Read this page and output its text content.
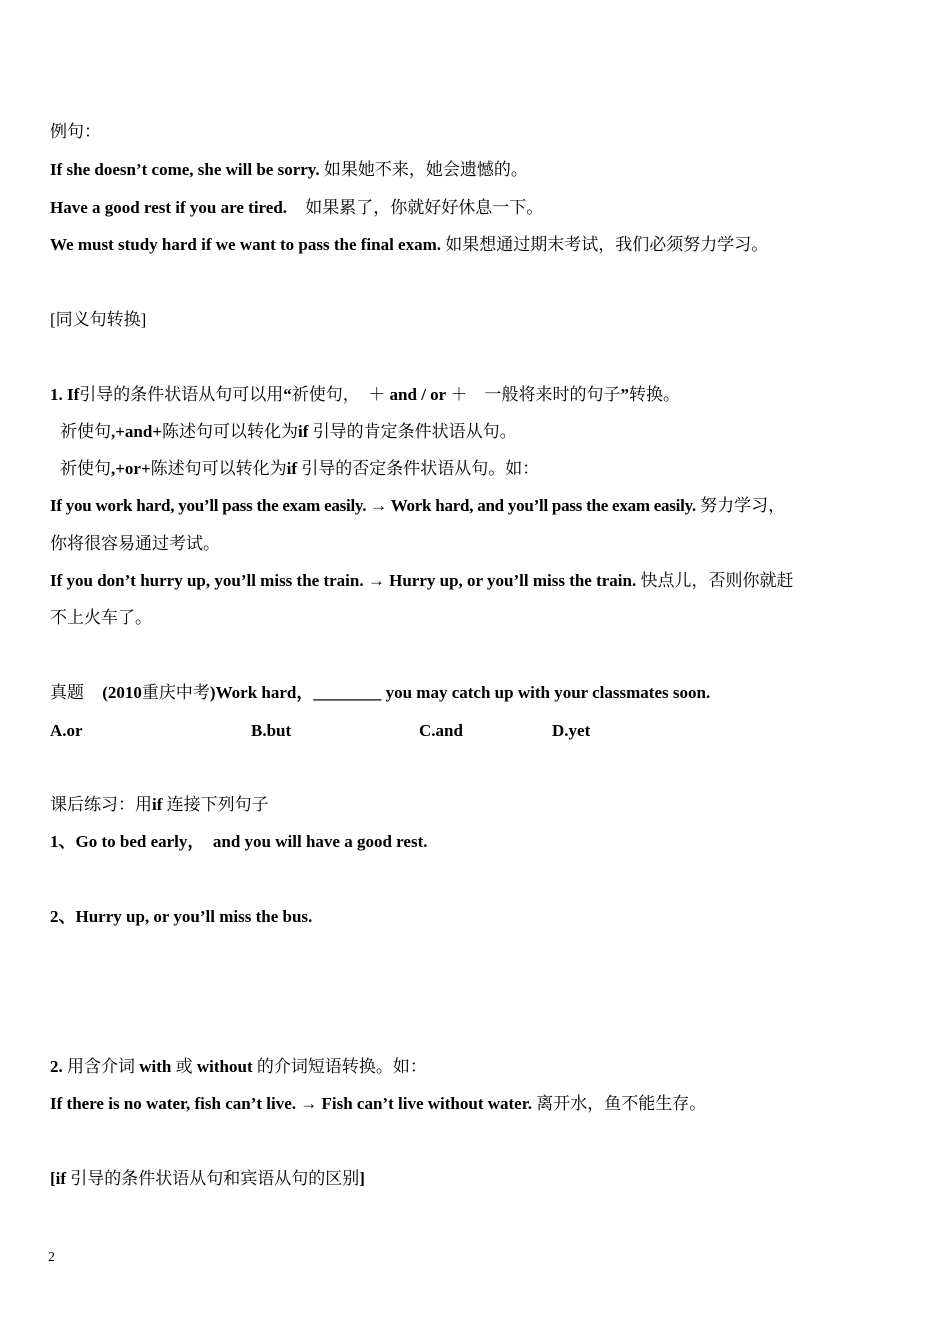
例句：
If she doesn’t come, she will be sorry. 如果她不来，她会遗憾的。
Have a good rest if you are tired. 如果累了，你就好好休息一下。
We must study hard if we want to pass the final exam. 如果想通过期末考试，我们必须努力学习。
[同义句转换]
1. If引导的条件状语从句可以用“祈使句，　＋ and / or ＋　一般将来时的句子”转换。
祈使句,+and+陈述句可以转化为if 引导的肯定条件状语从句。
祈使句,+or+陈述句可以转化为if 引导的否定条件状语从句。如：
If you work hard, you’ll pass the exam easily. → Work hard, and you’ll pass the exam easily. 努力学习，
你将很容易通过考试。
If you don’t hurry up, you’ll miss the train. → Hurry up, or you’ll miss the train. 快点儿，否则你就赶
不上火车了。
真题 (2010重庆中考)Work hard，________ you may catch up with your classmates soon.
A.or	B.but	C.and	D.yet
课后练习：用if 连接下列句子
1、Go to bed early，　and you will have a good rest.
2、Hurry up, or you’ll miss the bus.
2. 用含介词 with 或 without 的介词短语转换。如：
If there is no water, fish can’t live. → Fish can’t live without water. 离开水，鱼不能生存。
[if 引导的条件状语从句和宾语从句的区别]
2
